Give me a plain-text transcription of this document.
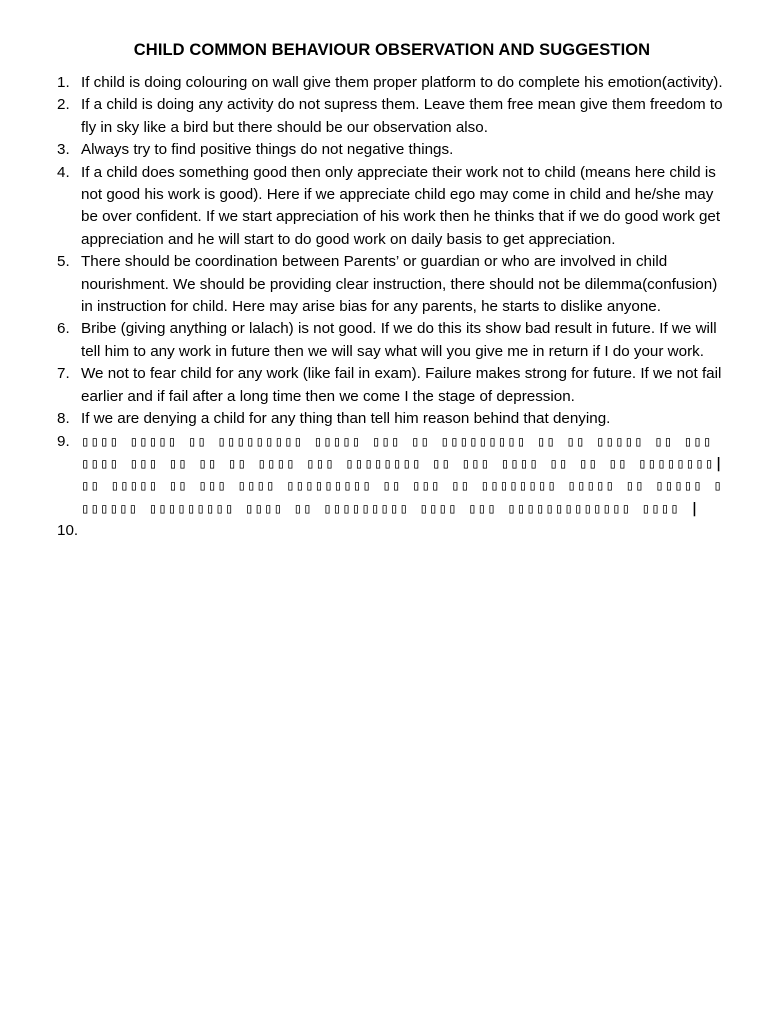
CHILD COMMON BEHAVIOUR OBSERVATION AND SUGGESTION
1. If child is doing colouring on wall give them proper platform to do complete his emotion(activity).
2. If a child is doing any activity do not supress them. Leave them free mean give them freedom to fly in sky like a bird but there should be our observation also.
3. Always try to find positive things do not negative things.
4. If a child does something good then only appreciate their work not to child (means here child is not good his work is good). Here if we appreciate child ego may come in child and he/she may be over confident. If we start appreciation of his work then he thinks that if we do good work get appreciation and he will start to do good work on daily basis to get appreciation.
5. There should be coordination between Parents’ or guardian or who are involved in child nourishment. We should be providing clear instruction, there should not be dilemma(confusion) in instruction for child. Here may arise bias for any parents, he starts to dislike anyone.
6. Bribe (giving anything or lalach) is not good. If we do this its show bad result in future. If we will tell him to any work in future then we will say what will you give me in return if I do your work.
7. We not to fear child for any work (like fail in exam). Failure makes strong for future. If we not fail earlier and if fail after a long time then we come I the stage of depression.
8. If we are denying a child for any thing than tell him reason behind that denying.
9. ▯▯▯▯ ▯▯▯▯▯ ▯▯ ▯▯▯▯▯▯▯▯▯ ▯▯▯▯▯ ▯▯▯ ▯▯ ▯▯▯▯▯▯▯▯▯ ▯▯ ▯▯ ▯▯▯▯▯ ▯▯ ▯▯▯ ▯▯▯▯ ▯▯▯ ▯▯ ▯▯ ▯▯ ▯▯▯▯ ▯▯▯ ▯▯▯▯▯▯▯▯ ▯▯ ▯▯▯ ▯▯▯▯ ▯▯ ▯▯ ▯▯ ▯▯▯▯▯▯▯▯| ▯▯ ▯▯▯▯▯ ▯▯ ▯▯▯ ▯▯▯▯ ▯▯▯▯▯▯▯▯▯ ▯▯ ▯▯▯ ▯▯ ▯▯▯▯▯▯▯▯ ▯▯▯▯▯ ▯▯ ▯▯▯▯▯ ▯ ▯▯▯▯▯▯ ▯▯▯▯▯▯▯▯▯ ▯▯▯▯ ▯▯ ▯▯▯▯▯▯▯▯▯ ▯▯▯▯ ▯▯▯ ▯▯▯▯▯▯▯▯▯▯▯▯▯ ▯▯▯▯ |
10.
